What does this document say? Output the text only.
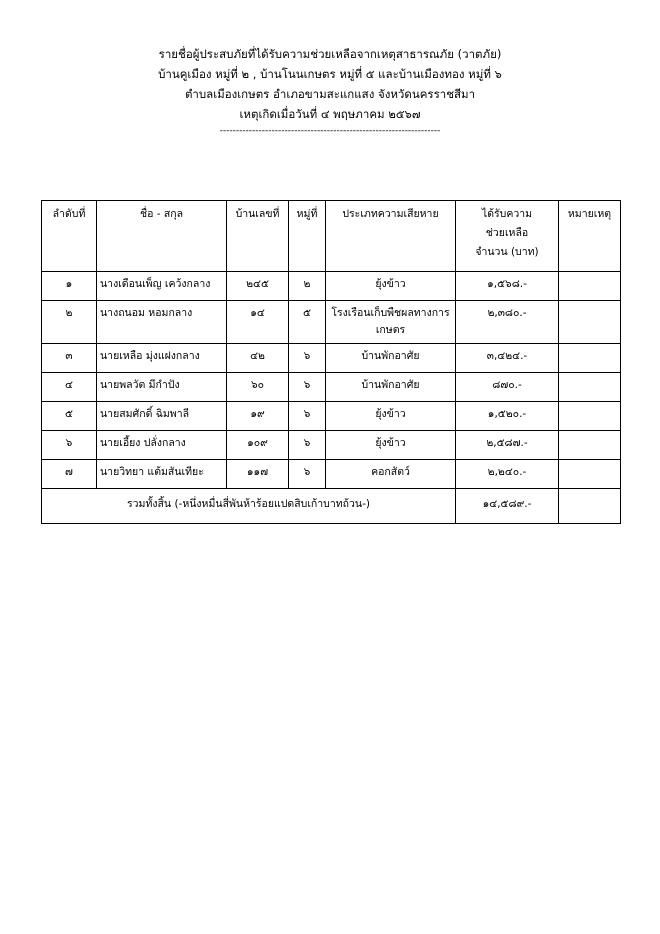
รายชื่อผู้ประสบภัยที่ได้รับความช่วยเหลือจากเหตุสาธารณภัย (วาตภัย)
บ้านคูเมือง หมู่ที่ ๒ , บ้านโนนเกษตร หมู่ที่ ๕ และบ้านเมืองทอง หมู่ที่ ๖
ตำบลเมืองเกษตร อำเภอขามสะแกแสง จังหวัดนครราชสีมา
เหตุเกิดเมื่อวันที่ ๔ พฤษภาคม ๒๕๖๗
--------------------------------------------------------------------
ลำดับที่	ชื่อ - สกุล	บ้านเลขที่	หมู่ที่	ประเภทความเสียหาย	ได้รับความ
ช่วยเหลือ
จำนวน (บาท)	หมายเหตุ
๑	นางเดือนเพ็ญ เคว้งกลาง	๒๔๕	๒	ยุ้งข้าว	๑,๕๖๘.-	
๒	นางถนอม หอมกลาง	๑๔	๕	โรงเรือนเก็บพืชผลทางการเกษตร	๒,๓๘๐.-	
๓	นายเหลือ มุ่งแฝงกลาง	๔๒	๖	บ้านพักอาศัย	๓,๔๒๔.-	
๔	นายพลวัต มีกำปัง	๖๐	๖	บ้านพักอาศัย	๘๗๐.-	
๕	นายสมศักดิ์ ฉิมพาลี	๑๙	๖	ยุ้งข้าว	๑,๕๒๐.-	
๖	นายเอี้ยง ปลั่งกลาง	๑๐๙	๖	ยุ้งข้าว	๒,๕๘๗.-	
๗	นายวิทยา แต้มสันเทียะ	๑๑๗	๖	คอกสัตว์	๒,๒๔๐.-	
รวมทั้งสิ้น (-หนึ่งหมื่นสี่พันห้าร้อยแปดสิบเก้าบาทถ้วน-)					๑๔,๕๘๙.-	
